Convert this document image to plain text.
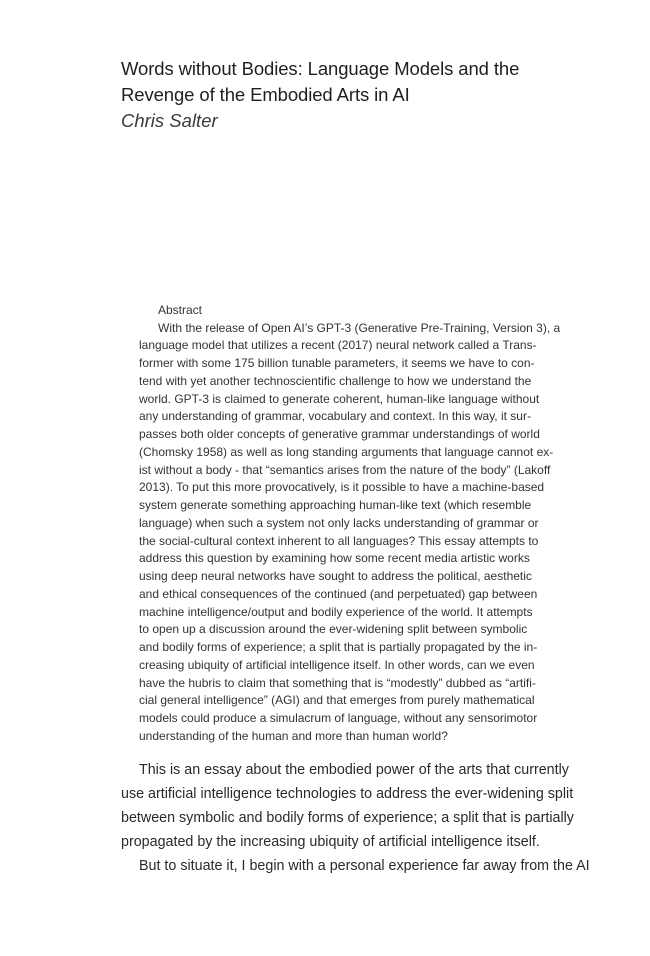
Words without Bodies: Language Models and the
Revenge of the Embodied Arts in AI

Chris Salter

Abstract

With the release of Open AI’s GPT-3 (Generative Pre-Training, Version 3), a

language model that utilizes a recent (2017) neural network called a Trans-

former with some 175 billion tunable parameters, it seems we have to con-

tend with yet another technoscientific challenge to how we understand the

world. GPT-3 is claimed to generate coherent, human-like language without

any understanding of grammar, vocabulary and context. In this way, it sur-

passes both older concepts of generative grammar understandings of world

(Chomsky 1958) as well as long standing arguments that language cannot ex-

ist without a body - that “semantics arises from the nature of the body” (Lakoff

2013). To put this more provocatively, is it possible to have a machine-based

system generate something approaching human-like text (which resemble

language) when such a system not only lacks understanding of grammar or

the social-cultural context inherent to all languages? This essay attempts to

address this question by examining how some recent media artistic works

using deep neural networks have sought to address the political, aesthetic

and ethical consequences of the continued (and perpetuated) gap between

machine intelligence/output and bodily experience of the world. It attempts

to open up a discussion around the ever-widening split between symbolic

and bodily forms of experience; a split that is partially propagated by the in-

creasing ubiquity of artificial intelligence itself. In other words, can we even

have the hubris to claim that something that is “modestly” dubbed as “artifi-

cial general intelligence” (AGI) and that emerges from purely mathematical

models could produce a simulacrum of language, without any sensorimotor

understanding of the human and more than human world?

This is an essay about the embodied power of the arts that currently

use artificial intelligence technologies to address the ever-widening split

between symbolic and bodily forms of experience; a split that is partially

propagated by the increasing ubiquity of artificial intelligence itself.

But to situate it, I begin with a personal experience far away from the AI
